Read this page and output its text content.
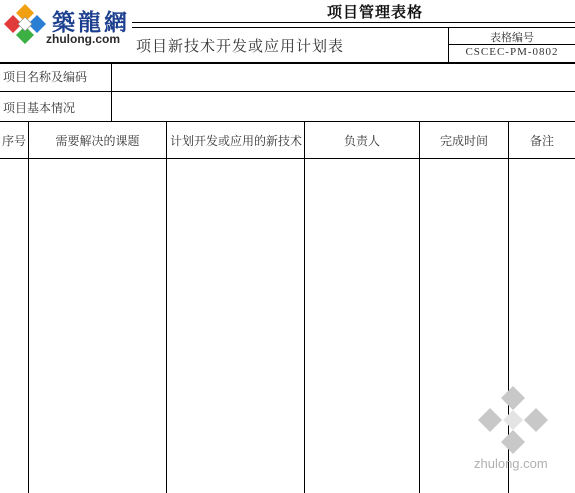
築龍網
zhulong.com
项目管理表格
项目新技术开发或应用计划表	表格编号
CSCEC-PM-0802
项目名称及编码
项目基本情况
序号	需要解决的课题	计划开发或应用的新技术	负责人	完成时间	备注
zhulong.com
